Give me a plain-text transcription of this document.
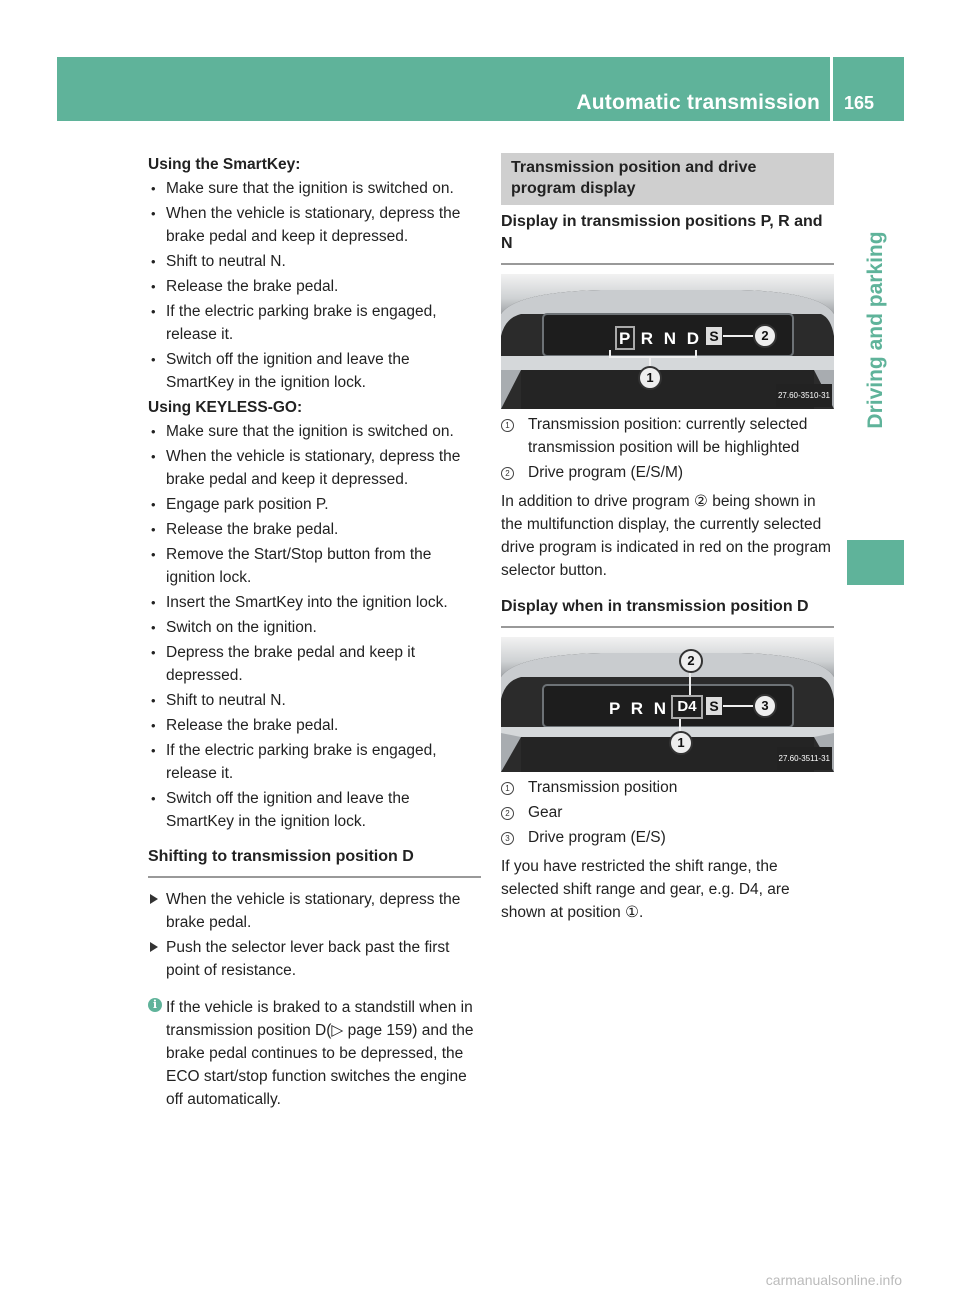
Automatic transmission 165
Driving and parking

Using the SmartKey:

• Make sure that the ignition is switched on.
• When the vehicle is stationary, depress the brake pedal and keep it depressed.
• Shift to neutral N.
• Release the brake pedal.
• If the electric parking brake is engaged, release it.
• Switch off the ignition and leave the SmartKey in the ignition lock.

Using KEYLESS-GO:

• Make sure that the ignition is switched on.
• When the vehicle is stationary, depress the brake pedal and keep it depressed.
• Engage park position P.
• Release the brake pedal.
• Remove the Start/Stop button from the ignition lock.
• Insert the SmartKey into the ignition lock.
• Switch on the ignition.
• Depress the brake pedal and keep it depressed.
• Shift to neutral N.
• Release the brake pedal.
• If the electric parking brake is engaged, release it.
• Switch off the ignition and leave the SmartKey in the ignition lock.
Shifting to transmission position D
When the vehicle is stationary, depress the brake pedal.
Push the selector lever back past the first point of resistance.
i If the vehicle is braked to a standstill when in transmission position D(▷ page 159) and the brake pedal continues to be depressed, the ECO start/stop function switches the engine off automatically.
Transmission position and drive program display
Display in transmission positions P, R and N
P R N D S
1
2
27.60-3510-31
1 Transmission position: currently selected transmission position will be highlighted
2 Drive program (E/S/M)
In addition to drive program ② being shown in the multifunction display, the currently selected drive program is indicated in red on the program selector button.
Display when in transmission position D
P R N D4 S
2
1
3
27.60-3511-31
1 Transmission position
2 Gear
3 Drive program (E/S)
If you have restricted the shift range, the selected shift range and gear, e.g. D4, are shown at position ①.
carmanualsonline.info
